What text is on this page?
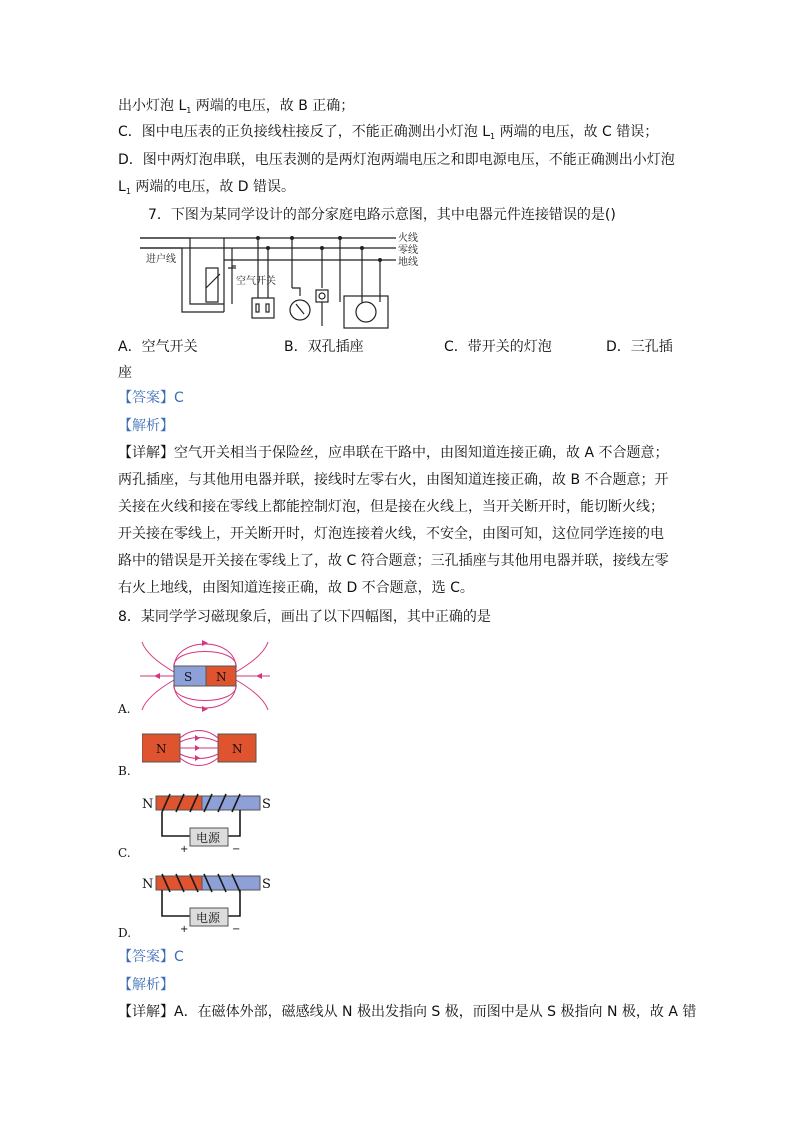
出小灯泡 $L_1$ 两端的电压，故 B 正确；
C．图中电压表的正负接线柱接反了，不能正确测出小灯泡 $L_1$ 两端的电压，故 C 错误；
D．图中两灯泡串联，电压表测的是两灯泡两端电压之和即电源电压，不能正确测出小灯泡
$L_1$ 两端的电压，故 D 错误。
7．下图为某同学设计的部分家庭电路示意图，其中电器元件连接错误的是()
进户线
空气开关
火线
零线
地线
A．空气开关	B．双孔插座	C．带开关的灯泡	D．三孔插
座
【答案】C
【解析】
【详解】空气开关相当于保险丝，应串联在干路中，由图知道连接正确，故 A 不合题意；
两孔插座，与其他用电器并联，接线时左零右火，由图知道连接正确，故 B 不合题意；开
关接在火线和接在零线上都能控制灯泡，但是接在火线上，当开关断开时，能切断火线；
开关接在零线上，开关断开时，灯泡连接着火线，不安全，由图可知，这位同学连接的电
路中的错误是开关接在零线上了，故 C 符合题意；三孔插座与其他用电器并联，接线左零
右火上地线，由图知道连接正确，故 D 不合题意，选 C。
8．某同学学习磁现象后，画出了以下四幅图，其中正确的是
S N
A.
N	N
B.
N	S
电源
+	−
C.
N	S
电源
+	−
D.
【答案】C
【解析】
【详解】A．在磁体外部，磁感线从 N 极出发指向 S 极，而图中是从 S 极指向 N 极，故 A 错
